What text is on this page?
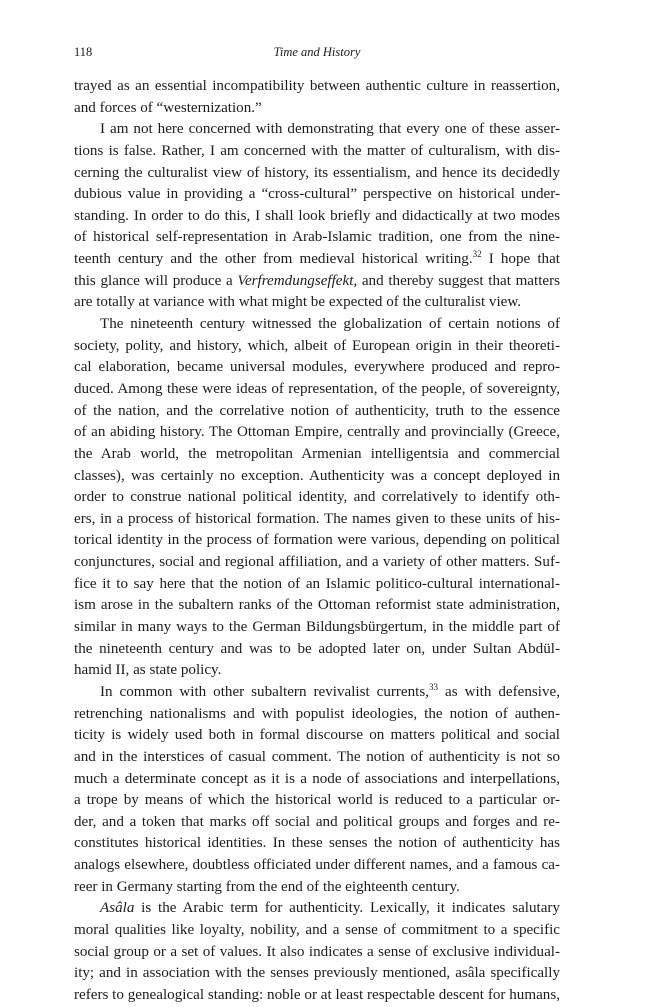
118	Time and History
trayed as an essential incompatibility between authentic culture in reassertion,
and forces of “westernization.”
I am not here concerned with demonstrating that every one of these asser-
tions is false. Rather, I am concerned with the matter of culturalism, with dis-
cerning the culturalist view of history, its essentialism, and hence its decidedly
dubious value in providing a “cross-cultural” perspective on historical under-
standing. In order to do this, I shall look briefly and didactically at two modes
of historical self-representation in Arab-Islamic tradition, one from the nine-
teenth century and the other from medieval historical writing.$^{32}$ I hope that
this glance will produce a Verfremdungseffekt, and thereby suggest that matters
are totally at variance with what might be expected of the culturalist view.
The nineteenth century witnessed the globalization of certain notions of
society, polity, and history, which, albeit of European origin in their theoreti-
cal elaboration, became universal modules, everywhere produced and repro-
duced. Among these were ideas of representation, of the people, of sovereignty,
of the nation, and the correlative notion of authenticity, truth to the essence
of an abiding history. The Ottoman Empire, centrally and provincially (Greece,
the Arab world, the metropolitan Armenian intelligentsia and commercial
classes), was certainly no exception. Authenticity was a concept deployed in
order to construe national political identity, and correlatively to identify oth-
ers, in a process of historical formation. The names given to these units of his-
torical identity in the process of formation were various, depending on political
conjunctures, social and regional affiliation, and a variety of other matters. Suf-
fice it to say here that the notion of an Islamic politico-cultural international-
ism arose in the subaltern ranks of the Ottoman reformist state administration,
similar in many ways to the German Bildungsbürgertum, in the middle part of
the nineteenth century and was to be adopted later on, under Sultan Abdül-
hamid II, as state policy.
In common with other subaltern revivalist currents,$^{33}$ as with defensive,
retrenching nationalisms and with populist ideologies, the notion of authen-
ticity is widely used both in formal discourse on matters political and social
and in the interstices of casual comment. The notion of authenticity is not so
much a determinate concept as it is a node of associations and interpellations,
a trope by means of which the historical world is reduced to a particular or-
der, and a token that marks off social and political groups and forges and re-
constitutes historical identities. In these senses the notion of authenticity has
analogs elsewhere, doubtless officiated under different names, and a famous ca-
reer in Germany starting from the end of the eighteenth century.
Asâla is the Arabic term for authenticity. Lexically, it indicates salutary
moral qualities like loyalty, nobility, and a sense of commitment to a specific
social group or a set of values. It also indicates a sense of exclusive individual-
ity; and in association with the senses previously mentioned, asâla specifically
refers to genealogical standing: noble or at least respectable descent for humans,
